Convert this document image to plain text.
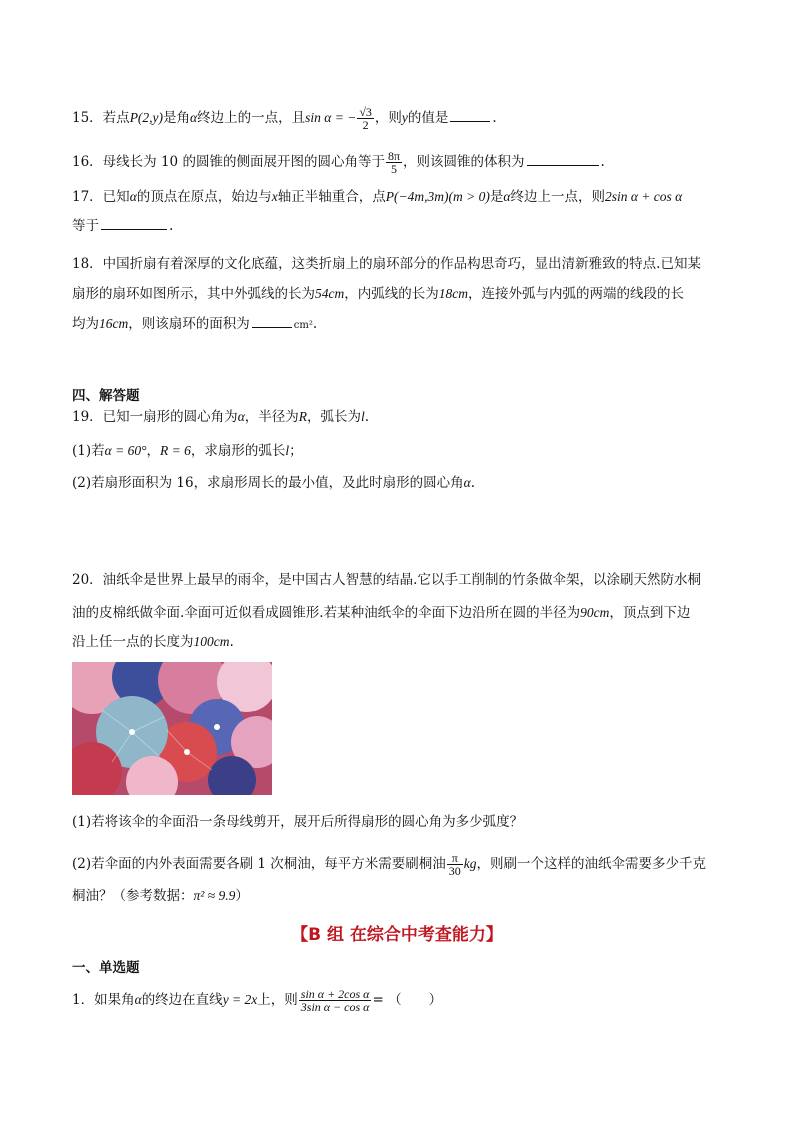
15．若点P(2,y)是角α终边上的一点，且sin α = − $\frac{√3}{2}$ ，则y的值是	.
16．母线长为 10 的圆锥的侧面展开图的圆心角等于 $\frac{8\pi}{5}$ ，则该圆锥的体积为	.
17．已知α的顶点在原点，始边与x轴正半轴重合，点P(−4m,3m)(m > 0)是α终边上一点，则2sin α + cos α
等于	.
18．中国折扇有着深厚的文化底蕴，这类折扇上的扇环部分的作品构思奇巧，显出清新雅致的特点.已知某
扇形的扇环如图所示，其中外弧线的长为54cm，内弧线的长为18cm，连接外弧与内弧的两端的线段的长
均为16cm，则该扇环的面积为	cm².
四、解答题
19．已知一扇形的圆心角为α，半径为R，弧长为l.
(1)若α = 60°，R = 6，求扇形的弧长l；
(2)若扇形面积为 16，求扇形周长的最小值，及此时扇形的圆心角α.
20．油纸伞是世界上最早的雨伞，是中国古人智慧的结晶.它以手工削制的竹条做伞架，以涂刷天然防水桐
油的皮棉纸做伞面.伞面可近似看成圆锥形.若某种油纸伞的伞面下边沿所在圆的半径为90cm，顶点到下边
沿上任一点的长度为100cm.
(1)若将该伞的伞面沿一条母线剪开，展开后所得扇形的圆心角为多少弧度？
(2)若伞面的内外表面需要各刷 1 次桐油，每平方米需要刷桐油 $\frac{\pi}{30}$ kg，则刷一个这样的油纸伞需要多少千克
桐油？（参考数据：π² ≈ 9.9）
【B 组 在综合中考查能力】
一、单选题
1．如果角α的终边在直线y = 2x上，则 $\frac{\text{sin α + 2cos α}}{\text{3sin α − cos α}}$ = （　　）
